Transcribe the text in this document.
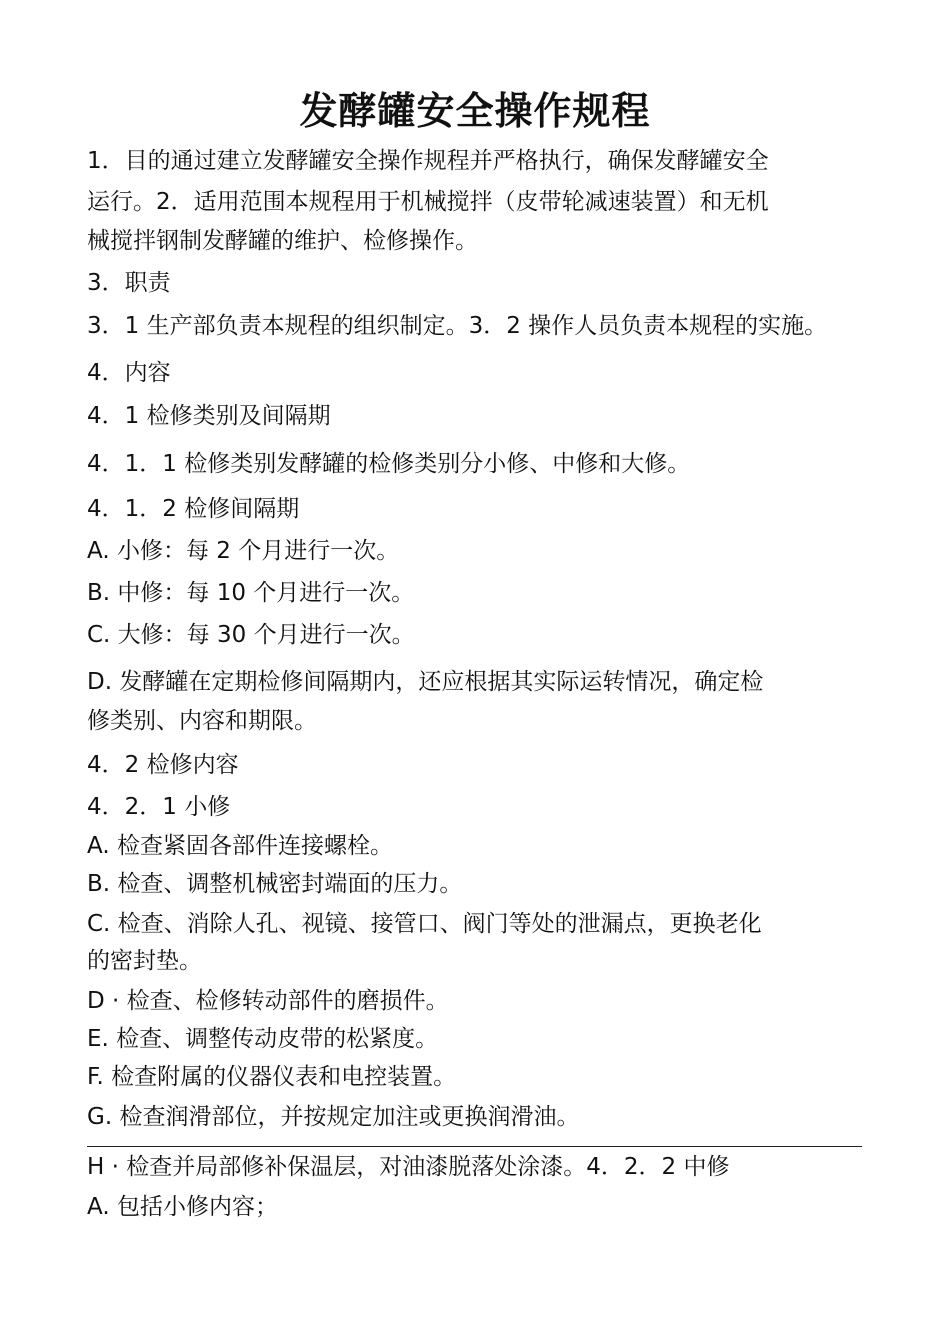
发酵罐安全操作规程

1．目的通过建立发酵罐安全操作规程并严格执行，确保发酵罐安全

运行。2．适用范围本规程用于机械搅拌（皮带轮减速装置）和无机

械搅拌钢制发酵罐的维护、检修操作。

3．职责

3．1 生产部负责本规程的组织制定。3．2 操作人员负责本规程的实施。

4．内容

4．1 检修类别及间隔期

4．1．1 检修类别发酵罐的检修类别分小修、中修和大修。

4．1．2 检修间隔期

A. 小修：每 2 个月进行一次。

B. 中修：每 10 个月进行一次。

C. 大修：每 30 个月进行一次。

D. 发酵罐在定期检修间隔期内，还应根据其实际运转情况，确定检

修类别、内容和期限。

4．2 检修内容

4．2．1 小修

A. 检查紧固各部件连接螺栓。

B. 检查、调整机械密封端面的压力。

C. 检查、消除人孔、视镜、接管口、阀门等处的泄漏点，更换老化

的密封垫。

D · 检查、检修转动部件的磨损件。

E. 检查、调整传动皮带的松紧度。

F. 检查附属的仪器仪表和电控装置。

G. 检查润滑部位，并按规定加注或更换润滑油。

H · 检查并局部修补保温层，对油漆脱落处涂漆。4．2．2 中修

A. 包括小修内容；
